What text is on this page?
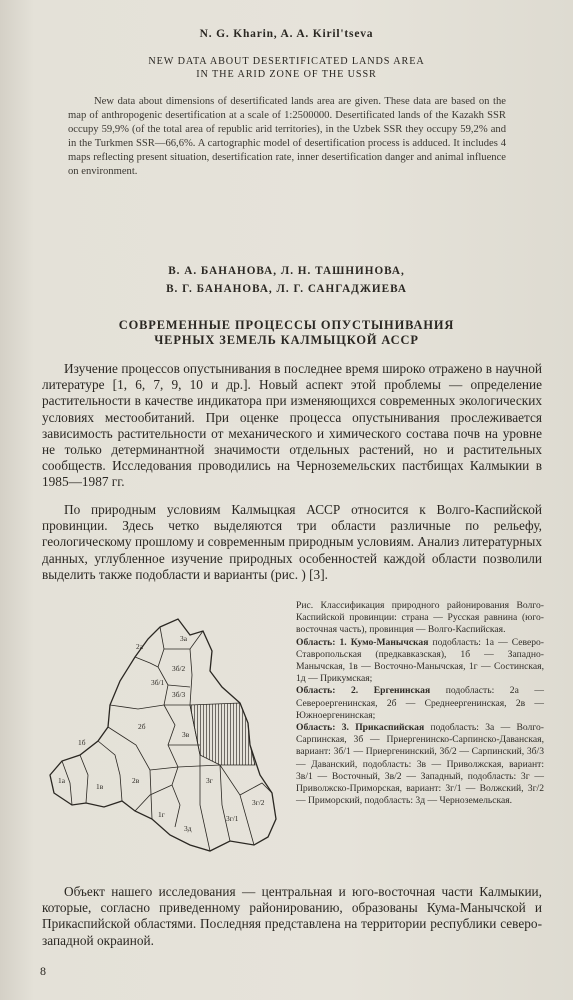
N. G. Kharin, A. A. Kiril'tseva
NEW DATA ABOUT DESERTIFICATED LANDS AREA
IN THE ARID ZONE OF THE USSR
New data about dimensions of desertificated lands area are given. These data are based on the map of anthropogenic desertification at a scale of 1:2500000. Desertificated lands of the Kazakh SSR occupy 59,9% (of the total area of republic arid territories), in the Uzbek SSR they occupy 59,2% and in the Turkmen SSR—66,6%. A cartographic model of desertification process is adduced. It includes 4 maps reflecting present situation, desertification rate, inner desertification danger and animal influence on environment.
В. А. БАНАНОВА, Л. Н. ТАШНИНОВА,
В. Г. БАНАНОВА, Л. Г. САНГАДЖИЕВА
СОВРЕМЕННЫЕ ПРОЦЕССЫ ОПУСТЫНИВАНИЯ
ЧЕРНЫХ ЗЕМЕЛЬ КАЛМЫЦКОЙ АССР

Изучение процессов опустынивания в последнее время широко отражено в научной литературе [1, 6, 7, 9, 10 и др.]. Новый аспект этой проблемы — определение растительности в качестве индикатора при изменяющихся современных экологических условиях местообитаний. При оценке процесса опустынивания прослеживается зависимость растительности от механического и химического состава почв на уровне не только детерминантной значимости отдельных растений, но и растительных сообществ. Исследования проводились на Черноземельских пастбищах Калмыкии в 1985—1987 гг.

По природным условиям Калмыцкая АССР относится к Волго-Каспийской провинции. Здесь четко выделяются три области различные по рельефу, геологическому прошлому и современным природным условиям. Анализ литературных данных, углубленное изучение природных особенностей каждой области позволили выделить также подобласти и варианты (рис. ) [3].

2а
3а
3б/2
3б/1
3б/3
2б
3в
1б
1а
1в
3г
3г/2
3г/1
2в
1г
3д
Рис. Классификация природного районирования Волго-Каспийской провинции: страна — Русская равнина (юго-восточная часть), провинция — Волго-Каспийская.
Область: 1. Кумо-Манычская подобласть: 1а — Северо-Ставропольская (предкавказская), 1б — Западно-Манычская, 1в — Восточно-Манычская, 1г — Состинская, 1д — Прикумская;
Область: 2. Ергенинская подобласть: 2а — Североергенинская, 2б — Среднеергенинская, 2в — Южноергенинская;
Область: 3. Прикаспийская подобласть: 3а — Волго-Сарпинская, 3б — Приергенинско-Сарпинско-Даванская, вариант: 3б/1 — Приергенинский, 3б/2 — Сарпинский, 3б/3 — Даванский, подобласть: 3в — Приволжская, вариант: 3в/1 — Восточный, 3в/2 — Западный, подобласть: 3г — Приволжско-Приморская, вариант: 3г/1 — Волжский, 3г/2 — Приморский, подобласть: 3д — Черноземельская.

Объект нашего исследования — центральная и юго-восточная части Калмыкии, которые, согласно приведенному районированию, образованы Кума-Манычской и Прикаспийской областями. Последняя представлена на территории республики северо-западной окраиной.

8
